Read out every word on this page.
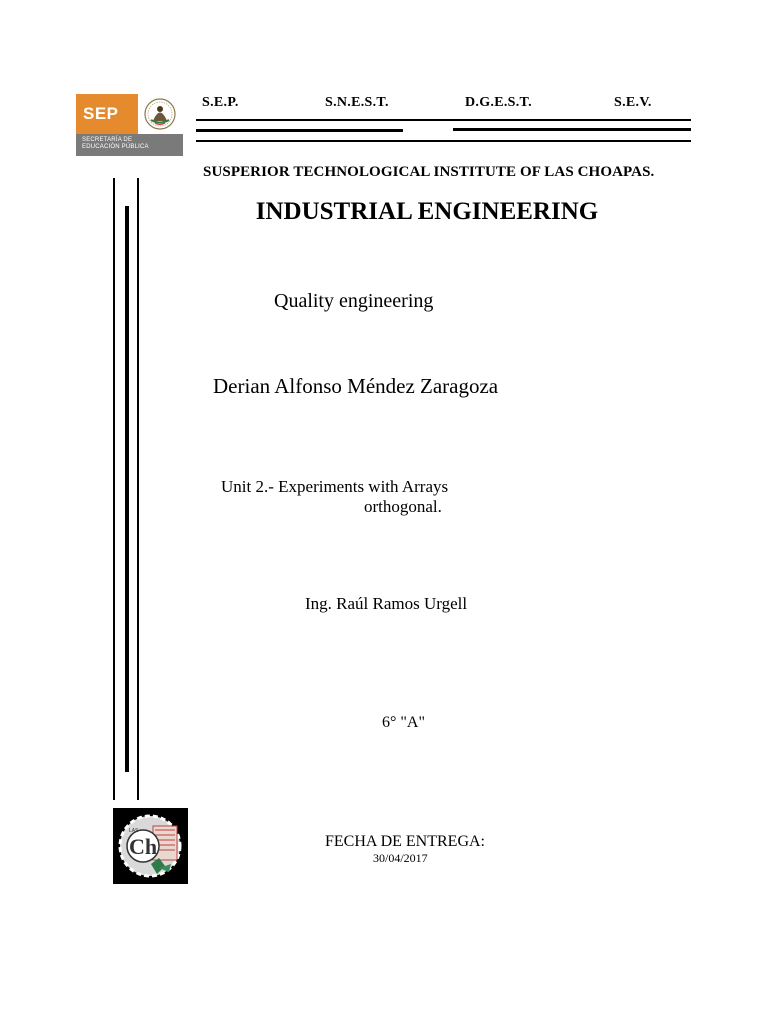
SEP
SECRETARÍA DE
EDUCACIÓN PÚBLICA
S.E.P.	S.N.E.S.T.	D.G.E.S.T.	S.E.V.
SUSPERIOR TECHNOLOGICAL INSTITUTE OF LAS CHOAPAS.
INDUSTRIAL ENGINEERING
Quality engineering
Derian Alfonso Méndez Zaragoza
Unit 2.- Experiments with Arrays
orthogonal.
Ing. Raúl Ramos Urgell
6° "A"
FECHA DE ENTREGA:
30/04/2017
Ch
LAS
